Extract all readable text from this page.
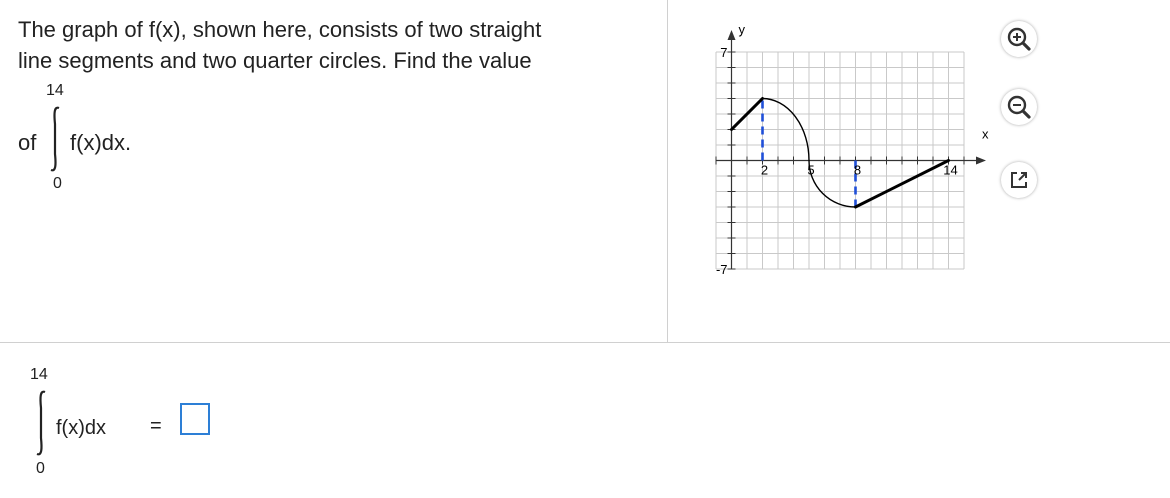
The graph of f(x), shown here, consists of two straight
line segments and two quarter circles. Find the value
14
of f(x)dx.
0
y
x
7
-7
2	5	8	14
14
f(x)dx
0
=
